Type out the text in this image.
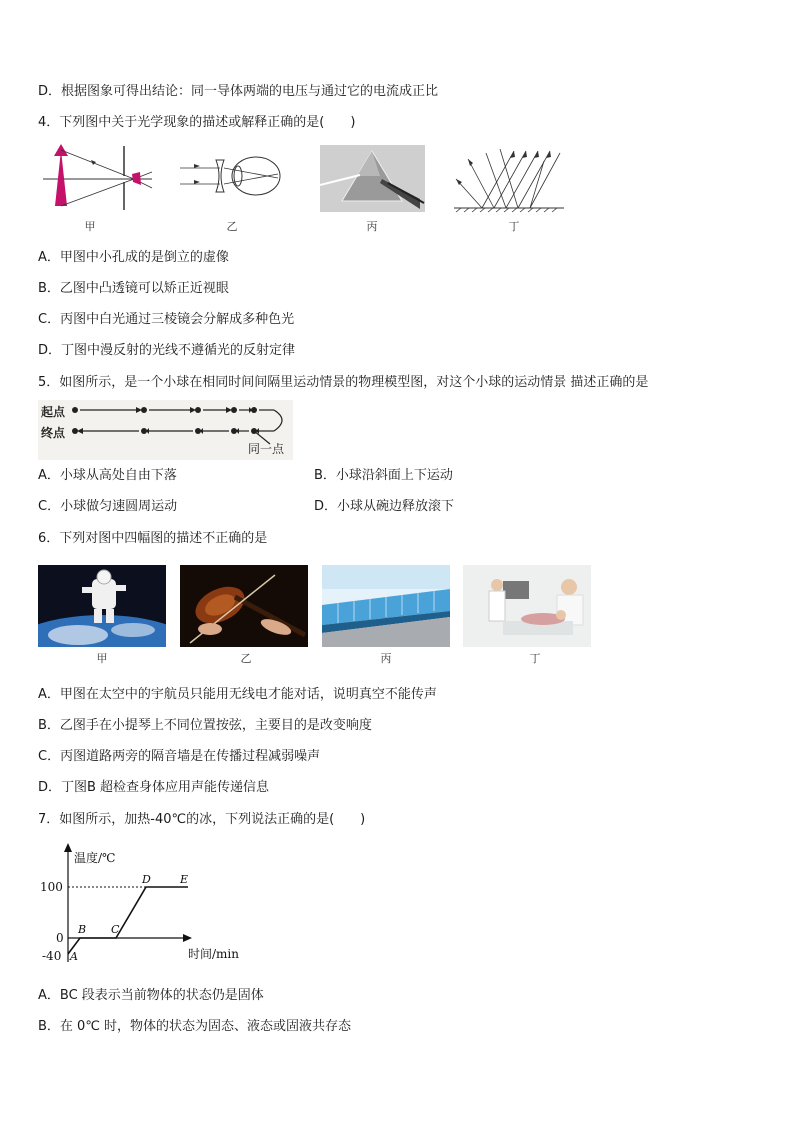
D．根据图象可得出结论：同一导体两端的电压与通过它的电流成正比
4．下列图中关于光学现象的描述或解释正确的是(　　)
甲	乙	丙	丁
A．甲图中小孔成的是倒立的虚像
B．乙图中凸透镜可以矫正近视眼
C．丙图中白光通过三棱镜会分解成多种色光
D．丁图中漫反射的光线不遵循光的反射定律
5．如图所示，是一个小球在相同时间间隔里运动情景的物理模型图，对这个小球的运动情景 描述正确的是
起点
终点
同一点
A．小球从高处自由下落	B．小球沿斜面上下运动
C．小球做匀速圆周运动	D．小球从碗边释放滚下
6．下列对图中四幅图的描述不正确的是
甲	乙	丙	丁
A．甲图在太空中的宇航员只能用无线电才能对话，说明真空不能传声
B．乙图手在小提琴上不同位置按弦，主要目的是改变响度
C．丙图道路两旁的隔音墙是在传播过程减弱噪声
D．丁图B 超检查身体应用声能传递信息
7．如图所示，加热-40℃的冰，下列说法正确的是(　　)
温度/℃
时间/min
100
0
-40 A
B C
D	E
A．BC 段表示当前物体的状态仍是固体
B．在 0℃ 时，物体的状态为固态、液态或固液共存态
